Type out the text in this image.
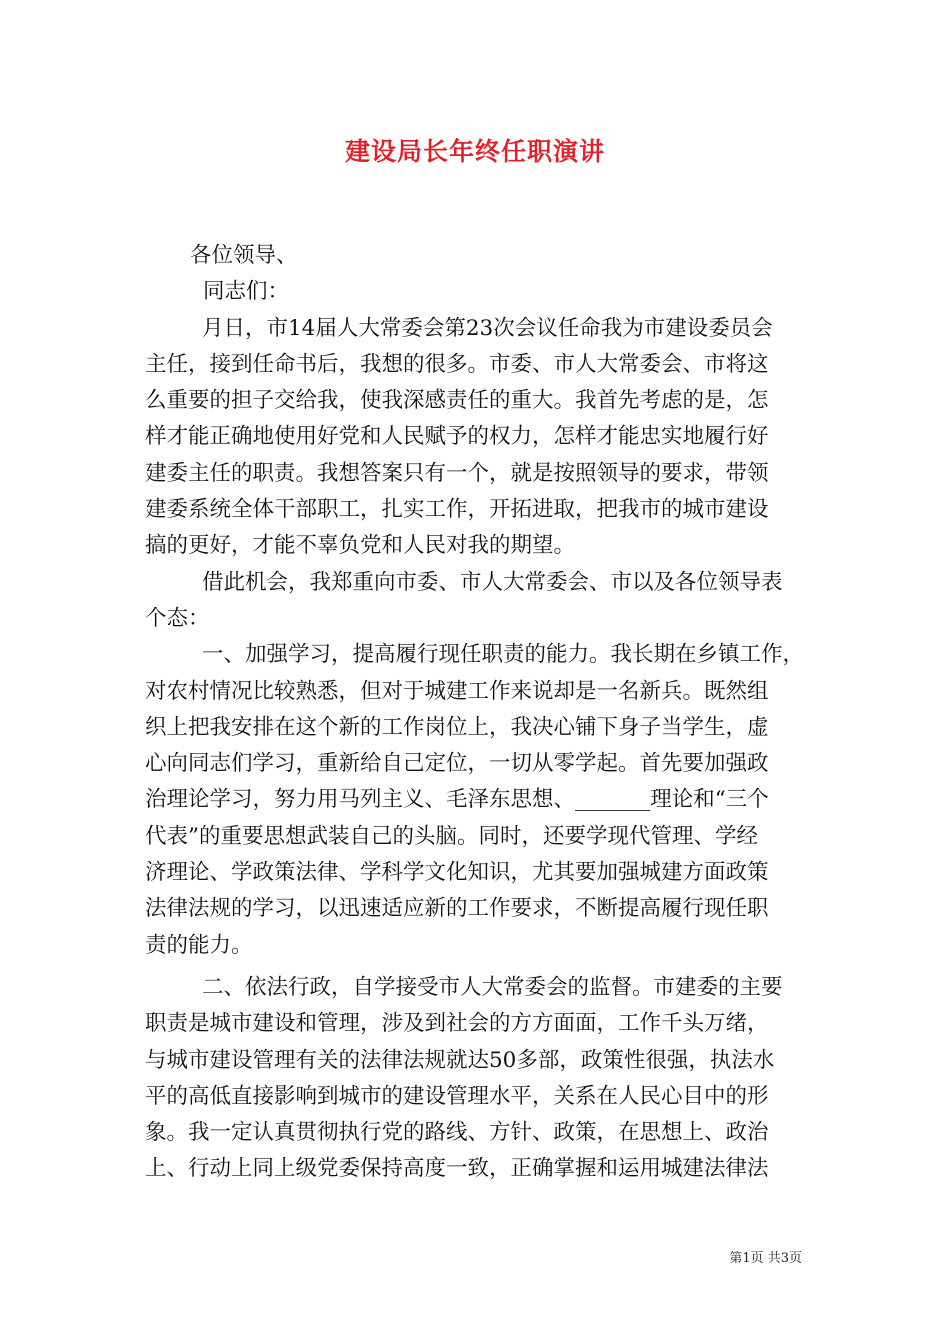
建设局长年终任职演讲
各位领导、
同志们：
月日，市14届人大常委会第23次会议任命我为市建设委员会
主任，接到任命书后，我想的很多。市委、市人大常委会、市将这
么重要的担子交给我，使我深感责任的重大。我首先考虑的是，怎
样才能正确地使用好党和人民赋予的权力，怎样才能忠实地履行好
建委主任的职责。我想答案只有一个，就是按照领导的要求，带领
建委系统全体干部职工，扎实工作，开拓进取，把我市的城市建设
搞的更好，才能不辜负党和人民对我的期望。
借此机会，我郑重向市委、市人大常委会、市以及各位领导表
个态：
一、加强学习，提高履行现任职责的能力。我长期在乡镇工作，
对农村情况比较熟悉，但对于城建工作来说却是一名新兵。既然组
织上把我安排在这个新的工作岗位上，我决心铺下身子当学生，虚
心向同志们学习，重新给自己定位，一切从零学起。首先要加强政
治理论学习，努力用马列主义、毛泽东思想、_______理论和“三个
代表”的重要思想武装自己的头脑。同时，还要学现代管理、学经
济理论、学政策法律、学科学文化知识，尤其要加强城建方面政策
法律法规的学习，以迅速适应新的工作要求，不断提高履行现任职
责的能力。
二、依法行政，自学接受市人大常委会的监督。市建委的主要
职责是城市建设和管理，涉及到社会的方方面面，工作千头万绪，
与城市建设管理有关的法律法规就达50多部，政策性很强，执法水
平的高低直接影响到城市的建设管理水平，关系在人民心目中的形
象。我一定认真贯彻执行党的路线、方针、政策，在思想上、政治
上、行动上同上级党委保持高度一致，正确掌握和运用城建法律法
第1页 共3页
